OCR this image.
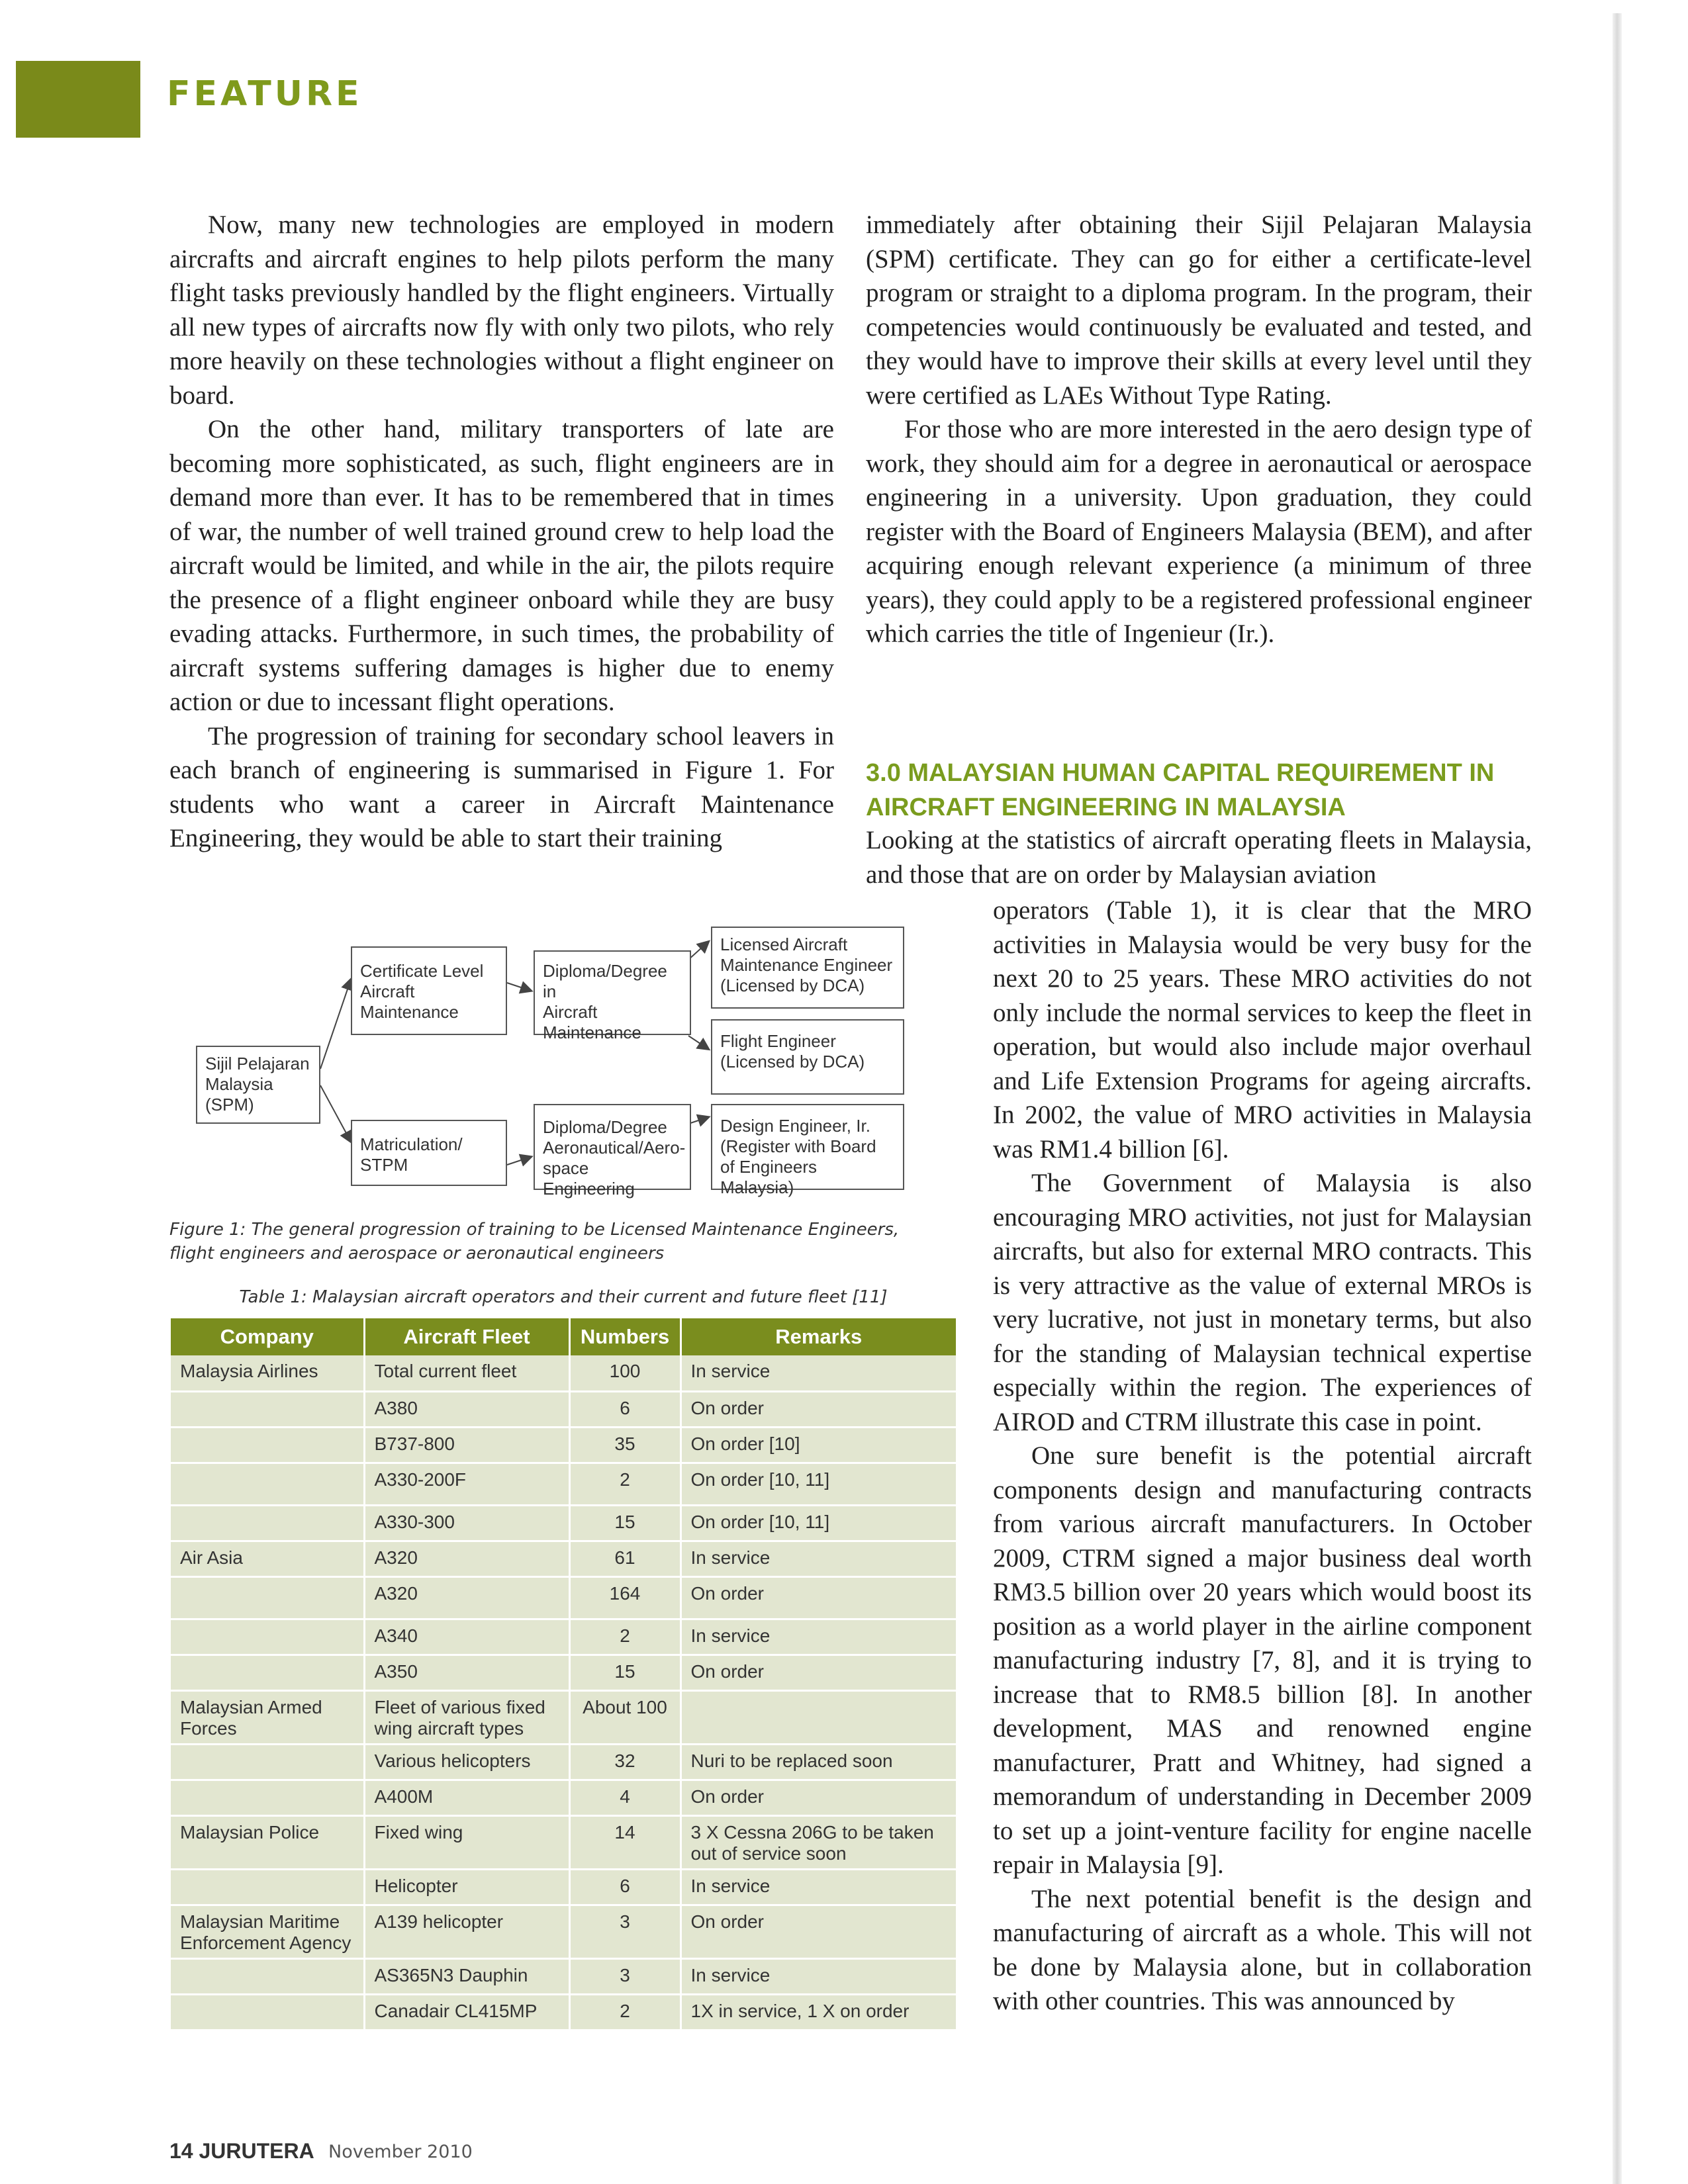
FEATURE

Now, many new technologies are employed in modern aircrafts and aircraft engines to help pilots perform the many flight tasks previously handled by the flight engineers. Virtually all new types of aircrafts now fly with only two pilots, who rely more heavily on these technologies without a flight engineer on board.

On the other hand, military transporters of late are becoming more sophisticated, as such, flight engineers are in demand more than ever. It has to be remembered that in times of war, the number of well trained ground crew to help load the aircraft would be limited, and while in the air, the pilots require the presence of a flight engineer onboard while they are busy evading attacks. Furthermore, in such times, the probability of aircraft systems suffering damages is higher due to enemy action or due to incessant flight operations.

The progression of training for secondary school leavers in each branch of engineering is summarised in Figure 1. For students who want a career in Aircraft Maintenance Engineering, they would be able to start their training

immediately after obtaining their Sijil Pelajaran Malaysia (SPM) certificate. They can go for either a certificate-level program or straight to a diploma program. In the program, their competencies would continuously be evaluated and tested, and they would have to improve their skills at every level until they were certified as LAEs Without Type Rating.

For those who are more interested in the aero design type of work, they should aim for a degree in aeronautical or aerospace engineering in a university. Upon graduation, they could register with the Board of Engineers Malaysia (BEM), and after acquiring enough relevant experience (a minimum of three years), they could apply to be a registered professional engineer which carries the title of Ingenieur (Ir.).

3.0 MALAYSIAN HUMAN CAPITAL REQUIREMENT IN AIRCRAFT ENGINEERING IN MALAYSIA

Looking at the statistics of aircraft operating fleets in Malaysia, and those that are on order by Malaysian aviation

operators (Table 1), it is clear that the MRO activities in Malaysia would be very busy for the next 20 to 25 years. These MRO activities do not only include the normal services to keep the fleet in operation, but would also include major overhaul and Life Extension Programs for ageing aircrafts. In 2002, the value of MRO activities in Malaysia was RM1.4 billion [6].

The Government of Malaysia is also encouraging MRO activities, not just for Malaysian aircrafts, but also for external MRO contracts. This is very attractive as the value of external MROs is very lucrative, not just in monetary terms, but also for the standing of Malaysian technical expertise especially within the region. The experiences of AIROD and CTRM illustrate this case in point.

One sure benefit is the potential aircraft components design and manufacturing contracts from various aircraft manufacturers. In October 2009, CTRM signed a major business deal worth RM3.5 billion over 20 years which would boost its position as a world player in the airline component manufacturing industry [7, 8], and it is trying to increase that to RM8.5 billion [8]. In another development, MAS and renowned engine manufacturer, Pratt and Whitney, had signed a memorandum of understanding in December 2009 to set up a joint-venture facility for engine nacelle repair in Malaysia [9].

The next potential benefit is the design and manufacturing of aircraft as a whole. This will not be done by Malaysia alone, but in collaboration with other countries. This was announced by

Sijil Pelajaran
Malaysia
(SPM)
Certificate Level
Aircraft
Maintenance
Matriculation/
STPM
Diploma/Degree in
Aircraft
Maintenance
Diploma/Degree
Aeronautical/Aero-
space Engineering
Licensed Aircraft
Maintenance Engineer
(Licensed by DCA)
Flight Engineer
(Licensed by DCA)
Design Engineer, Ir.
(Register with Board
of Engineers Malaysia)
Figure 1: The general progression of training to be Licensed Maintenance Engineers,
flight engineers and aerospace or aeronautical engineers
Table 1: Malaysian aircraft operators and their current and future fleet [11]
Company	Aircraft Fleet	Numbers	Remarks
Malaysia Airlines	Total current fleet	100	In service
	A380	6	On order
	B737-800	35	On order [10]
	A330-200F	2	On order [10, 11]
	A330-300	15	On order [10, 11]
Air Asia	A320	61	In service
	A320	164	On order
	A340	2	In service
	A350	15	On order
Malaysian Armed Forces	Fleet of various fixed wing aircraft types	About 100	
	Various helicopters	32	Nuri to be replaced soon
	A400M	4	On order
Malaysian Police	Fixed wing	14	3 X Cessna 206G to be taken out of service soon
	Helicopter	6	In service
Malaysian Maritime Enforcement Agency	A139 helicopter	3	On order
	AS365N3 Dauphin	3	In service
	Canadair CL415MP	2	1X in service, 1 X on order
14 JURUTERA November 2010
